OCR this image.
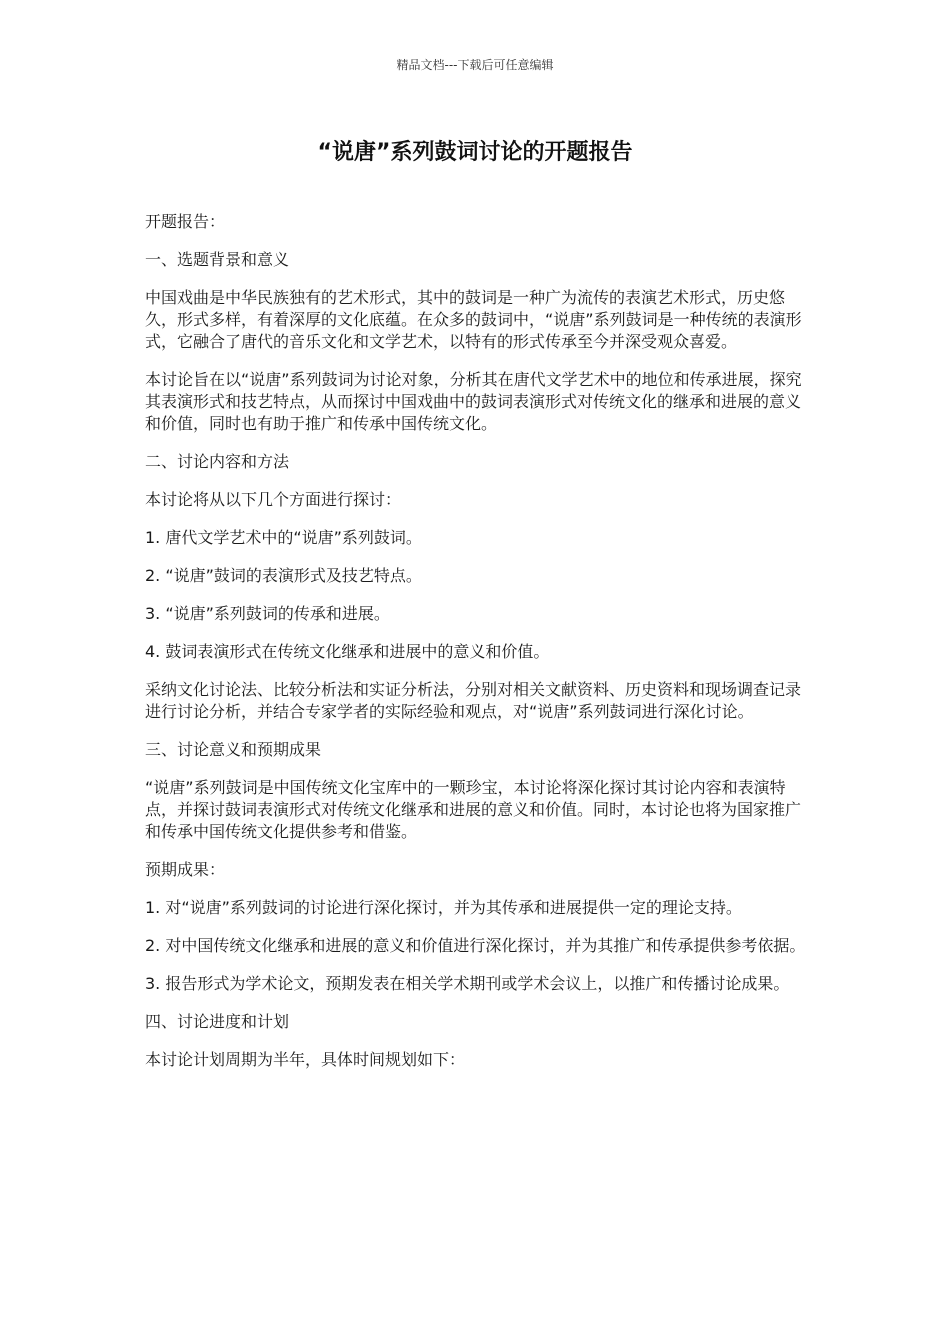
精品文档---下载后可任意编辑
“说唐”系列鼓词讨论的开题报告

开题报告：

一、选题背景和意义

中国戏曲是中华民族独有的艺术形式，其中的鼓词是一种广为流传的表演艺术形式，历史悠久，形式多样，有着深厚的文化底蕴。在众多的鼓词中，“说唐”系列鼓词是一种传统的表演形式，它融合了唐代的音乐文化和文学艺术，以特有的形式传承至今并深受观众喜爱。

本讨论旨在以“说唐”系列鼓词为讨论对象，分析其在唐代文学艺术中的地位和传承进展，探究其表演形式和技艺特点，从而探讨中国戏曲中的鼓词表演形式对传统文化的继承和进展的意义和价值，同时也有助于推广和传承中国传统文化。

二、讨论内容和方法

本讨论将从以下几个方面进行探讨：

1. 唐代文学艺术中的“说唐”系列鼓词。

2. “说唐”鼓词的表演形式及技艺特点。

3. “说唐”系列鼓词的传承和进展。

4. 鼓词表演形式在传统文化继承和进展中的意义和价值。

采纳文化讨论法、比较分析法和实证分析法，分别对相关文献资料、历史资料和现场调查记录进行讨论分析，并结合专家学者的实际经验和观点，对“说唐”系列鼓词进行深化讨论。

三、讨论意义和预期成果

“说唐”系列鼓词是中国传统文化宝库中的一颗珍宝，本讨论将深化探讨其讨论内容和表演特点，并探讨鼓词表演形式对传统文化继承和进展的意义和价值。同时，本讨论也将为国家推广和传承中国传统文化提供参考和借鉴。

预期成果：

1. 对“说唐”系列鼓词的讨论进行深化探讨，并为其传承和进展提供一定的理论支持。

2. 对中国传统文化继承和进展的意义和价值进行深化探讨，并为其推广和传承提供参考依据。

3. 报告形式为学术论文，预期发表在相关学术期刊或学术会议上，以推广和传播讨论成果。

四、讨论进度和计划

本讨论计划周期为半年，具体时间规划如下：
